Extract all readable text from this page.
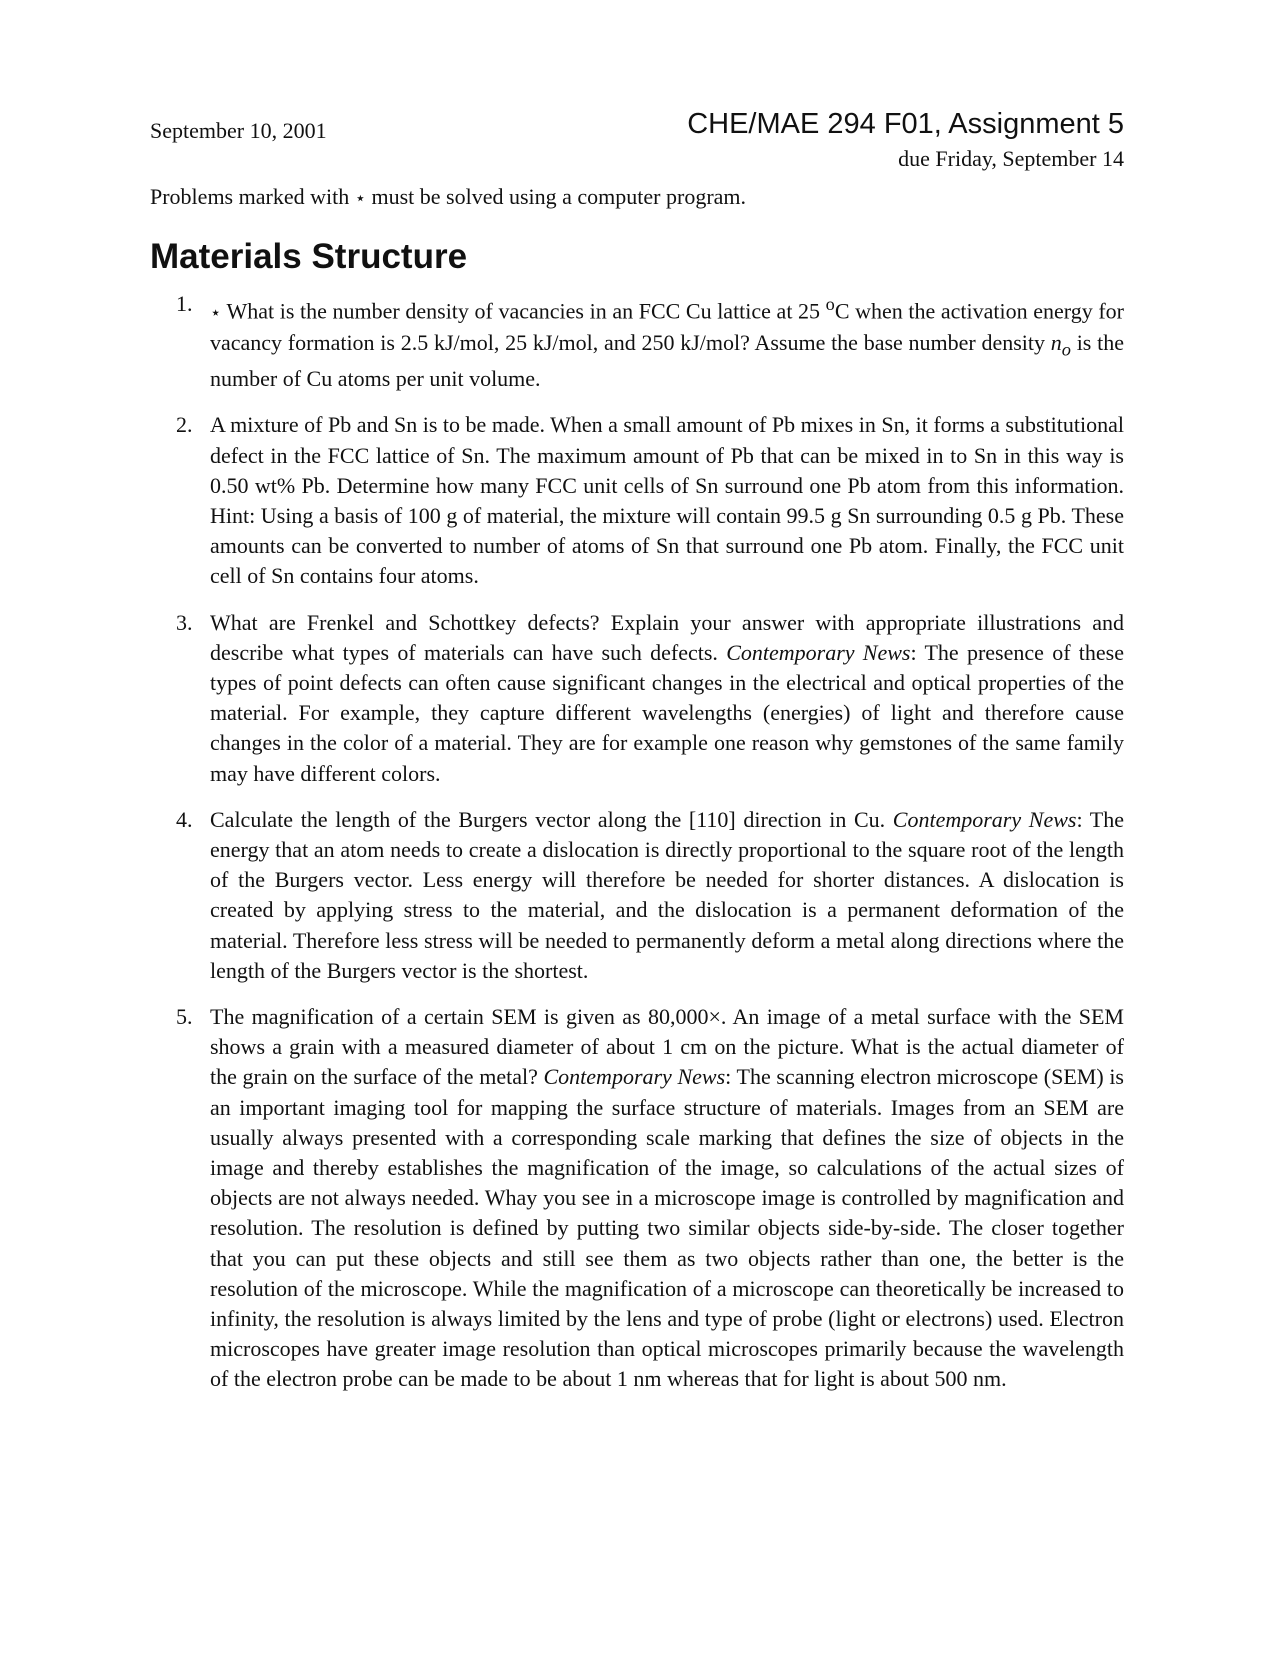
September 10, 2001	CHE/MAE 294 F01, Assignment 5
due Friday, September 14

Problems marked with ⋆ must be solved using a computer program.

Materials Structure
1. ⋆ What is the number density of vacancies in an FCC Cu lattice at 25 $^o$C when the activation energy for vacancy formation is 2.5 kJ/mol, 25 kJ/mol, and 250 kJ/mol? Assume the base number density $n_o$ is the number of Cu atoms per unit volume.
2. A mixture of Pb and Sn is to be made. When a small amount of Pb mixes in Sn, it forms a substitutional defect in the FCC lattice of Sn. The maximum amount of Pb that can be mixed in to Sn in this way is 0.50 wt% Pb. Determine how many FCC unit cells of Sn surround one Pb atom from this information. Hint: Using a basis of 100 g of material, the mixture will contain 99.5 g Sn surrounding 0.5 g Pb. These amounts can be converted to number of atoms of Sn that surround one Pb atom. Finally, the FCC unit cell of Sn contains four atoms.
3. What are Frenkel and Schottkey defects? Explain your answer with appropriate illustrations and describe what types of materials can have such defects. Contemporary News: The presence of these types of point defects can often cause significant changes in the electrical and optical properties of the material. For example, they capture different wavelengths (energies) of light and therefore cause changes in the color of a material. They are for example one reason why gemstones of the same family may have different colors.
4. Calculate the length of the Burgers vector along the [110] direction in Cu. Contemporary News: The energy that an atom needs to create a dislocation is directly proportional to the square root of the length of the Burgers vector. Less energy will therefore be needed for shorter distances. A dislocation is created by applying stress to the material, and the dislocation is a permanent deformation of the material. Therefore less stress will be needed to permanently deform a metal along directions where the length of the Burgers vector is the shortest.
5. The magnification of a certain SEM is given as 80,000×. An image of a metal surface with the SEM shows a grain with a measured diameter of about 1 cm on the picture. What is the actual diameter of the grain on the surface of the metal? Contemporary News: The scanning electron microscope (SEM) is an important imaging tool for mapping the surface structure of materials. Images from an SEM are usually always presented with a corresponding scale marking that defines the size of objects in the image and thereby establishes the magnification of the image, so calculations of the actual sizes of objects are not always needed. Whay you see in a microscope image is controlled by magnification and resolution. The resolution is defined by putting two similar objects side-by-side. The closer together that you can put these objects and still see them as two objects rather than one, the better is the resolution of the microscope. While the magnification of a microscope can theoretically be increased to infinity, the resolution is always limited by the lens and type of probe (light or electrons) used. Electron microscopes have greater image resolution than optical microscopes primarily because the wavelength of the electron probe can be made to be about 1 nm whereas that for light is about 500 nm.
